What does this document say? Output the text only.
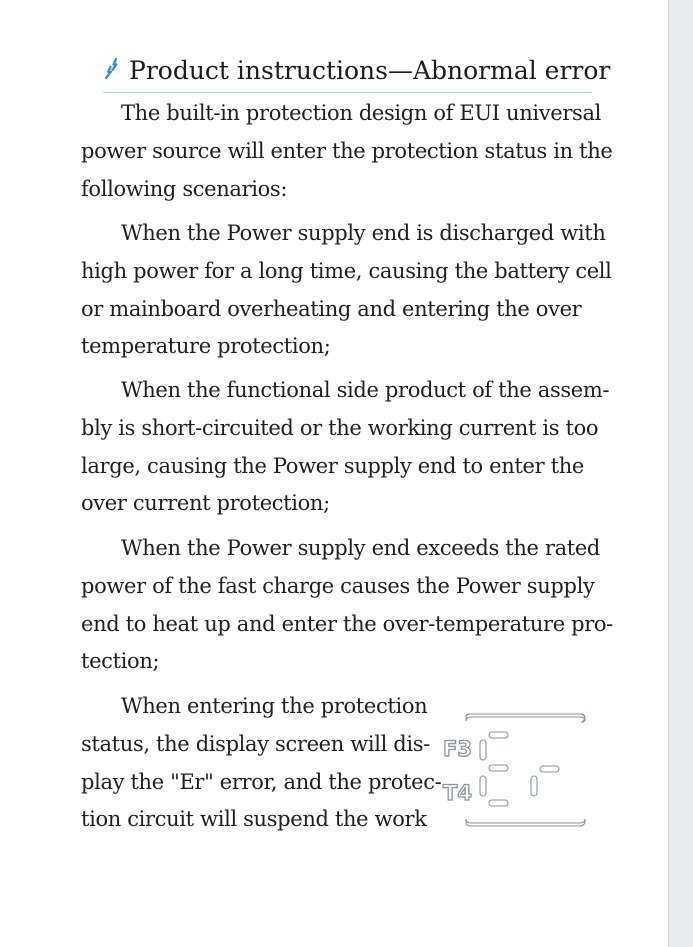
Product instructions—Abnormal error
The built-in protection design of EUI universal
power source will enter the protection status in the
following scenarios:
When the Power supply end is discharged with
high power for a long time, causing the battery cell
or mainboard overheating and entering the over
temperature protection;
When the functional side product of the assem-
bly is short-circuited or the working current is too
large, causing the Power supply end to enter the
over current protection;
When the Power supply end exceeds the rated
power of the fast charge causes the Power supply
end to heat up and enter the over-temperature pro-
tection;
When entering the protection
status, the display screen will dis-
play the "Er" error, and the protec-
tion circuit will suspend the work
F3
T4
